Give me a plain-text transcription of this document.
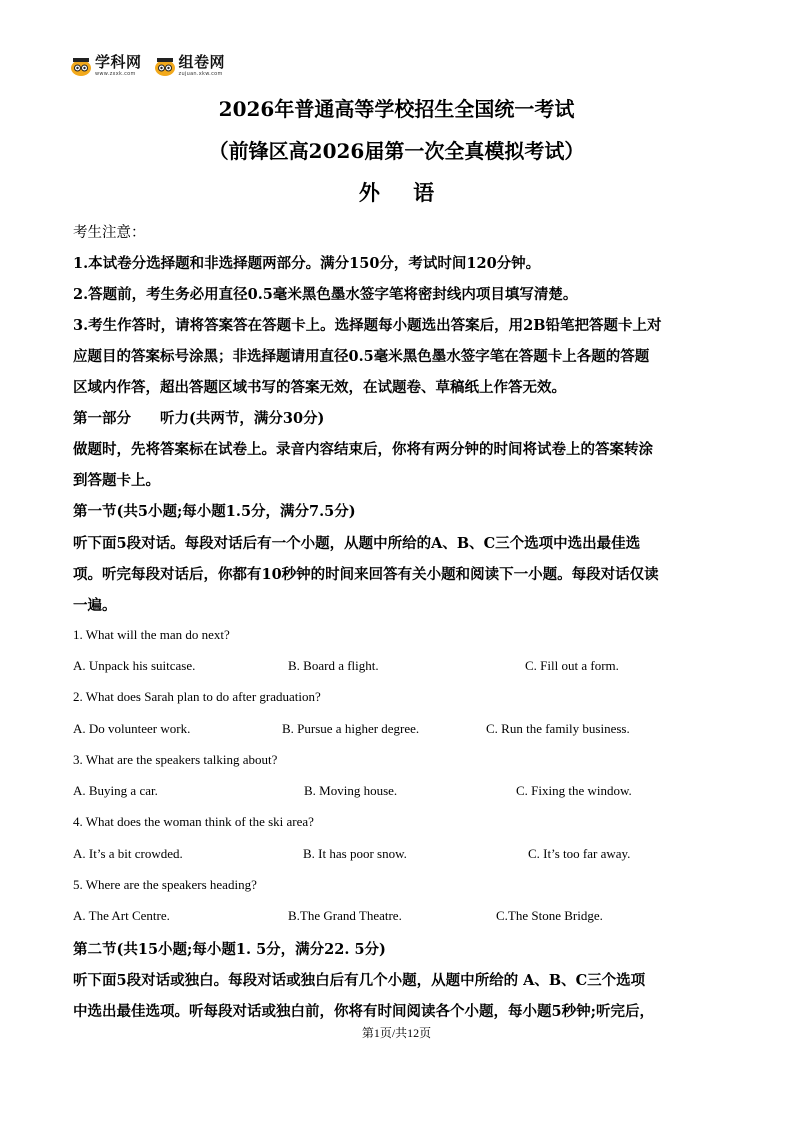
学科网
www.zxxk.com
组卷网
zujuan.xkw.com
2026年普通高等学校招生全国统一考试
（前锋区高2026届第一次全真模拟考试）
外 语
考生注意：
1.本试卷分选择题和非选择题两部分。满分150分，考试时间120分钟。
2.答题前，考生务必用直径0.5毫米黑色墨水签字笔将密封线内项目填写清楚。
3.考生作答时，请将答案答在答题卡上。选择题每小题选出答案后，用2B铅笔把答题卡上对
应题目的答案标号涂黑；非选择题请用直径0.5毫米黑色墨水签字笔在答题卡上各题的答题
区域内作答，超出答题区域书写的答案无效，在试题卷、草稿纸上作答无效。
第一部分　　听力(共两节，满分30分)
做题时，先将答案标在试卷上。录音内容结束后，你将有两分钟的时间将试卷上的答案转涂
到答题卡上。
第一节(共5小题;每小题1.5分，满分7.5分)
听下面5段对话。每段对话后有一个小题，从题中所给的A、B、C三个选项中选出最佳选
项。听完每段对话后，你都有10秒钟的时间来回答有关小题和阅读下一小题。每段对话仅读
一遍。
1. What will the man do next?
A. Unpack his suitcase.	B. Board a flight.	C. Fill out a form.
2. What does Sarah plan to do after graduation?
A. Do volunteer work.	B. Pursue a higher degree.	C. Run the family business.
3. What are the speakers talking about?
A. Buying a car.	B. Moving house.	C. Fixing the window.
4. What does the woman think of the ski area?
A. It’s a bit crowded.	B. It has poor snow.	C. It’s too far away.
5. Where are the speakers heading?
A. The Art Centre.	B.The Grand Theatre.	C.The Stone Bridge.
第二节(共15小题;每小题1. 5分，满分22. 5分)
听下面5段对话或独白。每段对话或独白后有几个小题，从题中所给的 A、B、C三个选项
中选出最佳选项。听每段对话或独白前，你将有时间阅读各个小题，每小题5秒钟;听完后，
第1页/共12页
